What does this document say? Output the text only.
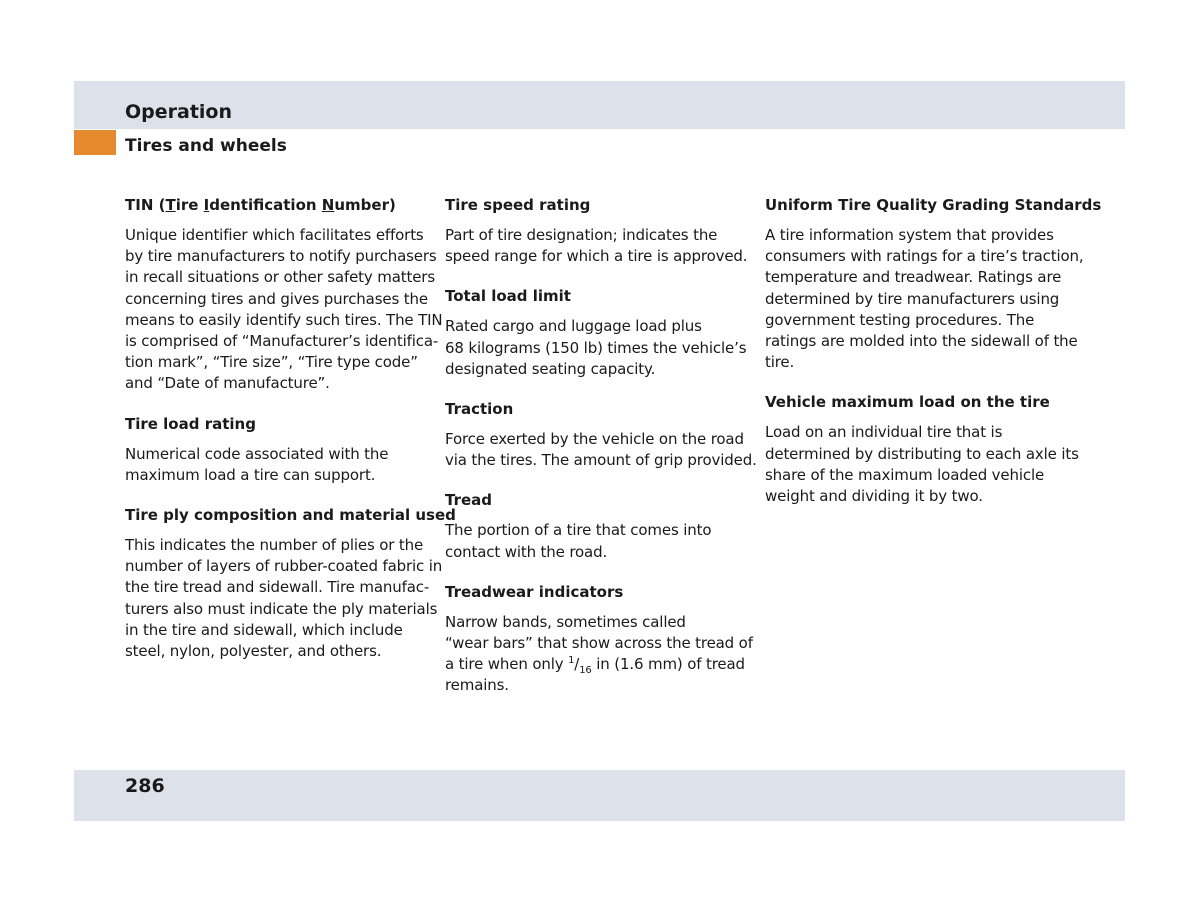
Operation
Tires and wheels
TIN (Tire Identification Number)

Unique identifier which facilitates efforts

by tire manufacturers to notify purchasers

in recall situations or other safety matters

concerning tires and gives purchases the

means to easily identify such tires. The TIN

is comprised of “Manufacturer’s identifica-

tion mark”, “Tire size”, “Tire type code”

and “Date of manufacture”.

Tire load rating

Numerical code associated with the

maximum load a tire can support.

Tire ply composition and material used

This indicates the number of plies or the

number of layers of rubber-coated fabric in

the tire tread and sidewall. Tire manufac-

turers also must indicate the ply materials

in the tire and sidewall, which include

steel, nylon, polyester, and others.

Tire speed rating

Part of tire designation; indicates the

speed range for which a tire is approved.

Total load limit

Rated cargo and luggage load plus

68 kilograms (150 lb) times the vehicle’s

designated seating capacity.

Traction

Force exerted by the vehicle on the road

via the tires. The amount of grip provided.

Tread

The portion of a tire that comes into

contact with the road.

Treadwear indicators

Narrow bands, sometimes called

“wear bars” that show across the tread of

a tire when only $^1/_{16}$ in (1.6 mm) of tread

remains.

Uniform Tire Quality Grading Standards

A tire information system that provides

consumers with ratings for a tire’s traction,

temperature and treadwear. Ratings are

determined by tire manufacturers using

government testing procedures. The

ratings are molded into the sidewall of the

tire.

Vehicle maximum load on the tire

Load on an individual tire that is

determined by distributing to each axle its

share of the maximum loaded vehicle

weight and dividing it by two.

286
